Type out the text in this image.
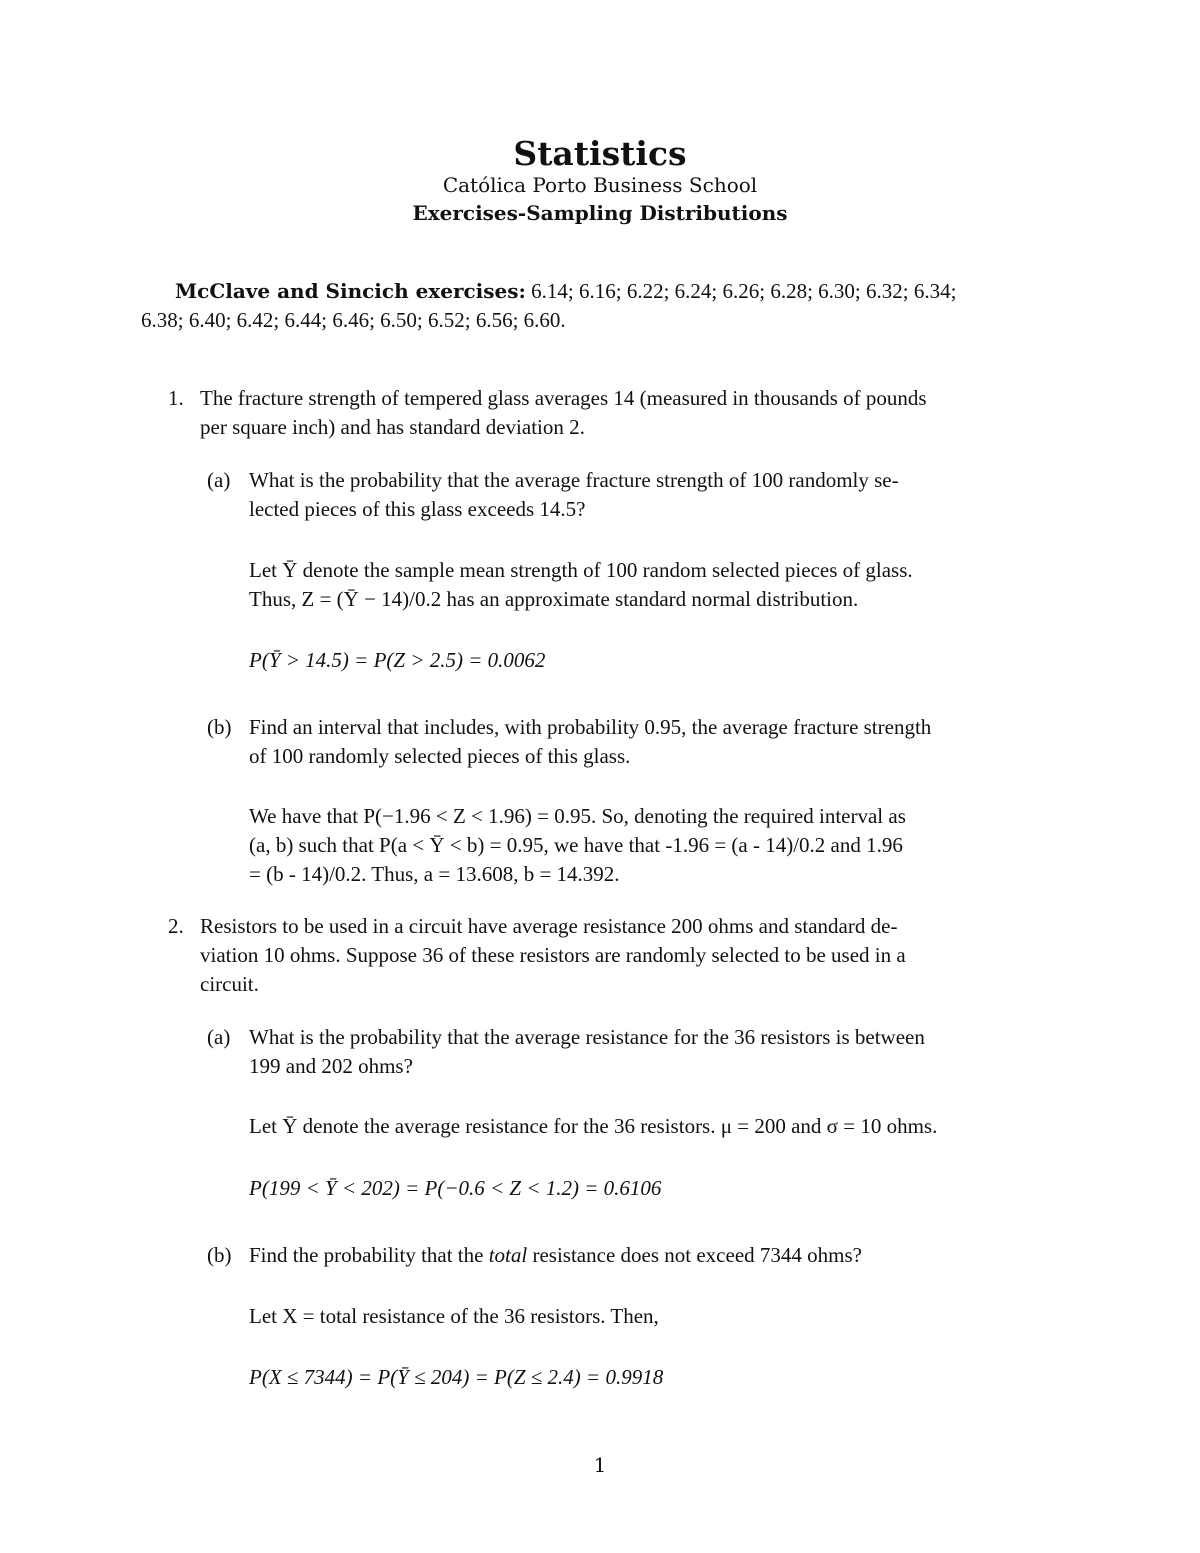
Statistics
Católica Porto Business School
Exercises-Sampling Distributions
McClave and Sincich exercises: 6.14; 6.16; 6.22; 6.24; 6.26; 6.28; 6.30; 6.32; 6.34;
6.38; 6.40; 6.42; 6.44; 6.46; 6.50; 6.52; 6.56; 6.60.
1. The fracture strength of tempered glass averages 14 (measured in thousands of pounds
per square inch) and has standard deviation 2.
(a) What is the probability that the average fracture strength of 100 randomly se-
lected pieces of this glass exceeds 14.5?
Let Ȳ denote the sample mean strength of 100 random selected pieces of glass.
Thus, Z = (Ȳ − 14)/0.2 has an approximate standard normal distribution.
P(Ȳ > 14.5) = P(Z > 2.5) = 0.0062
(b) Find an interval that includes, with probability 0.95, the average fracture strength
of 100 randomly selected pieces of this glass.
We have that P(−1.96 < Z < 1.96) = 0.95. So, denoting the required interval as
(a, b) such that P(a < Ȳ < b) = 0.95, we have that -1.96 = (a - 14)/0.2 and 1.96
= (b - 14)/0.2. Thus, a = 13.608, b = 14.392.
2. Resistors to be used in a circuit have average resistance 200 ohms and standard de-
viation 10 ohms. Suppose 36 of these resistors are randomly selected to be used in a
circuit.
(a) What is the probability that the average resistance for the 36 resistors is between
199 and 202 ohms?
Let Ȳ denote the average resistance for the 36 resistors. μ = 200 and σ = 10 ohms.
P(199 < Ȳ < 202) = P(−0.6 < Z < 1.2) = 0.6106
(b) Find the probability that the total resistance does not exceed 7344 ohms?
Let X = total resistance of the 36 resistors. Then,
P(X ≤ 7344) = P(Ȳ ≤ 204) = P(Z ≤ 2.4) = 0.9918
1
